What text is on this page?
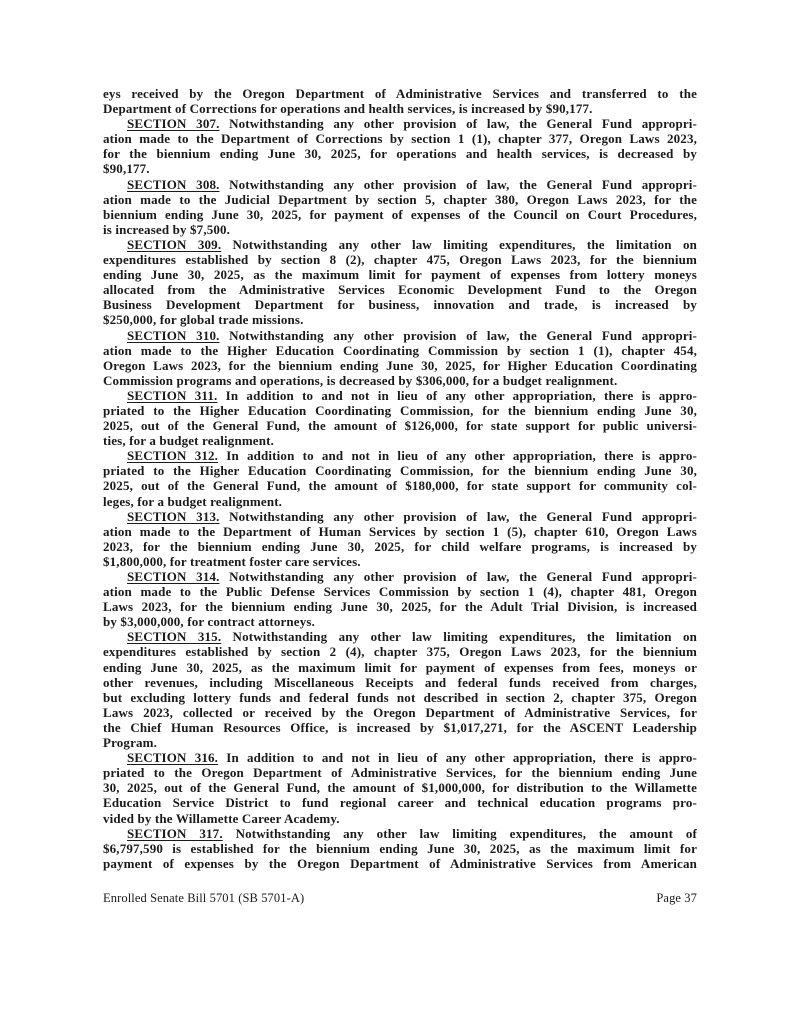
eys received by the Oregon Department of Administrative Services and transferred to the
Department of Corrections for operations and health services, is increased by $90,177.
SECTION 307. Notwithstanding any other provision of law, the General Fund appropri-
ation made to the Department of Corrections by section 1 (1), chapter 377, Oregon Laws 2023,
for the biennium ending June 30, 2025, for operations and health services, is decreased by
$90,177.
SECTION 308. Notwithstanding any other provision of law, the General Fund appropri-
ation made to the Judicial Department by section 5, chapter 380, Oregon Laws 2023, for the
biennium ending June 30, 2025, for payment of expenses of the Council on Court Procedures,
is increased by $7,500.
SECTION 309. Notwithstanding any other law limiting expenditures, the limitation on
expenditures established by section 8 (2), chapter 475, Oregon Laws 2023, for the biennium
ending June 30, 2025, as the maximum limit for payment of expenses from lottery moneys
allocated from the Administrative Services Economic Development Fund to the Oregon
Business Development Department for business, innovation and trade, is increased by
$250,000, for global trade missions.
SECTION 310. Notwithstanding any other provision of law, the General Fund appropri-
ation made to the Higher Education Coordinating Commission by section 1 (1), chapter 454,
Oregon Laws 2023, for the biennium ending June 30, 2025, for Higher Education Coordinating
Commission programs and operations, is decreased by $306,000, for a budget realignment.
SECTION 311. In addition to and not in lieu of any other appropriation, there is appro-
priated to the Higher Education Coordinating Commission, for the biennium ending June 30,
2025, out of the General Fund, the amount of $126,000, for state support for public universi-
ties, for a budget realignment.
SECTION 312. In addition to and not in lieu of any other appropriation, there is appro-
priated to the Higher Education Coordinating Commission, for the biennium ending June 30,
2025, out of the General Fund, the amount of $180,000, for state support for community col-
leges, for a budget realignment.
SECTION 313. Notwithstanding any other provision of law, the General Fund appropri-
ation made to the Department of Human Services by section 1 (5), chapter 610, Oregon Laws
2023, for the biennium ending June 30, 2025, for child welfare programs, is increased by
$1,800,000, for treatment foster care services.
SECTION 314. Notwithstanding any other provision of law, the General Fund appropri-
ation made to the Public Defense Services Commission by section 1 (4), chapter 481, Oregon
Laws 2023, for the biennium ending June 30, 2025, for the Adult Trial Division, is increased
by $3,000,000, for contract attorneys.
SECTION 315. Notwithstanding any other law limiting expenditures, the limitation on
expenditures established by section 2 (4), chapter 375, Oregon Laws 2023, for the biennium
ending June 30, 2025, as the maximum limit for payment of expenses from fees, moneys or
other revenues, including Miscellaneous Receipts and federal funds received from charges,
but excluding lottery funds and federal funds not described in section 2, chapter 375, Oregon
Laws 2023, collected or received by the Oregon Department of Administrative Services, for
the Chief Human Resources Office, is increased by $1,017,271, for the ASCENT Leadership
Program.
SECTION 316. In addition to and not in lieu of any other appropriation, there is appro-
priated to the Oregon Department of Administrative Services, for the biennium ending June
30, 2025, out of the General Fund, the amount of $1,000,000, for distribution to the Willamette
Education Service District to fund regional career and technical education programs pro-
vided by the Willamette Career Academy.
SECTION 317. Notwithstanding any other law limiting expenditures, the amount of
$6,797,590 is established for the biennium ending June 30, 2025, as the maximum limit for
payment of expenses by the Oregon Department of Administrative Services from American
Enrolled Senate Bill 5701 (SB 5701-A)	Page 37
